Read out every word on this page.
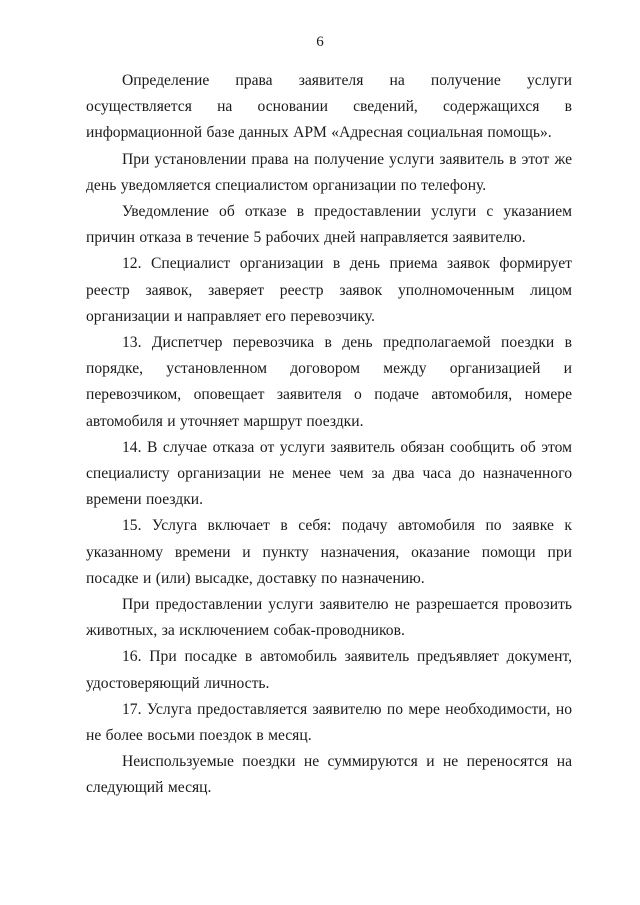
6

Определение права заявителя на получение услуги осуществляется на основании сведений, содержащихся в информационной базе данных АРМ «Адресная социальная помощь».

При установлении права на получение услуги заявитель в этот же день уведомляется специалистом организации по телефону.

Уведомление об отказе в предоставлении услуги с указанием причин отказа в течение 5 рабочих дней направляется заявителю.

12. Специалист организации в день приема заявок формирует реестр заявок, заверяет реестр заявок уполномоченным лицом организации и направляет его перевозчику.

13. Диспетчер перевозчика в день предполагаемой поездки в порядке, установленном договором между организацией и перевозчиком, оповещает заявителя о подаче автомобиля, номере автомобиля и уточняет маршрут поездки.

14. В случае отказа от услуги заявитель обязан сообщить об этом специалисту организации не менее чем за два часа до назначенного времени поездки.

15. Услуга включает в себя: подачу автомобиля по заявке к указанному времени и пункту назначения, оказание помощи при посадке и (или) высадке, доставку по назначению.

При предоставлении услуги заявителю не разрешается провозить животных, за исключением собак-проводников.

16. При посадке в автомобиль заявитель предъявляет документ, удостоверяющий личность.

17. Услуга предоставляется заявителю по мере необходимости, но не более восьми поездок в месяц.

Неиспользуемые поездки не суммируются и не переносятся на следующий месяц.
